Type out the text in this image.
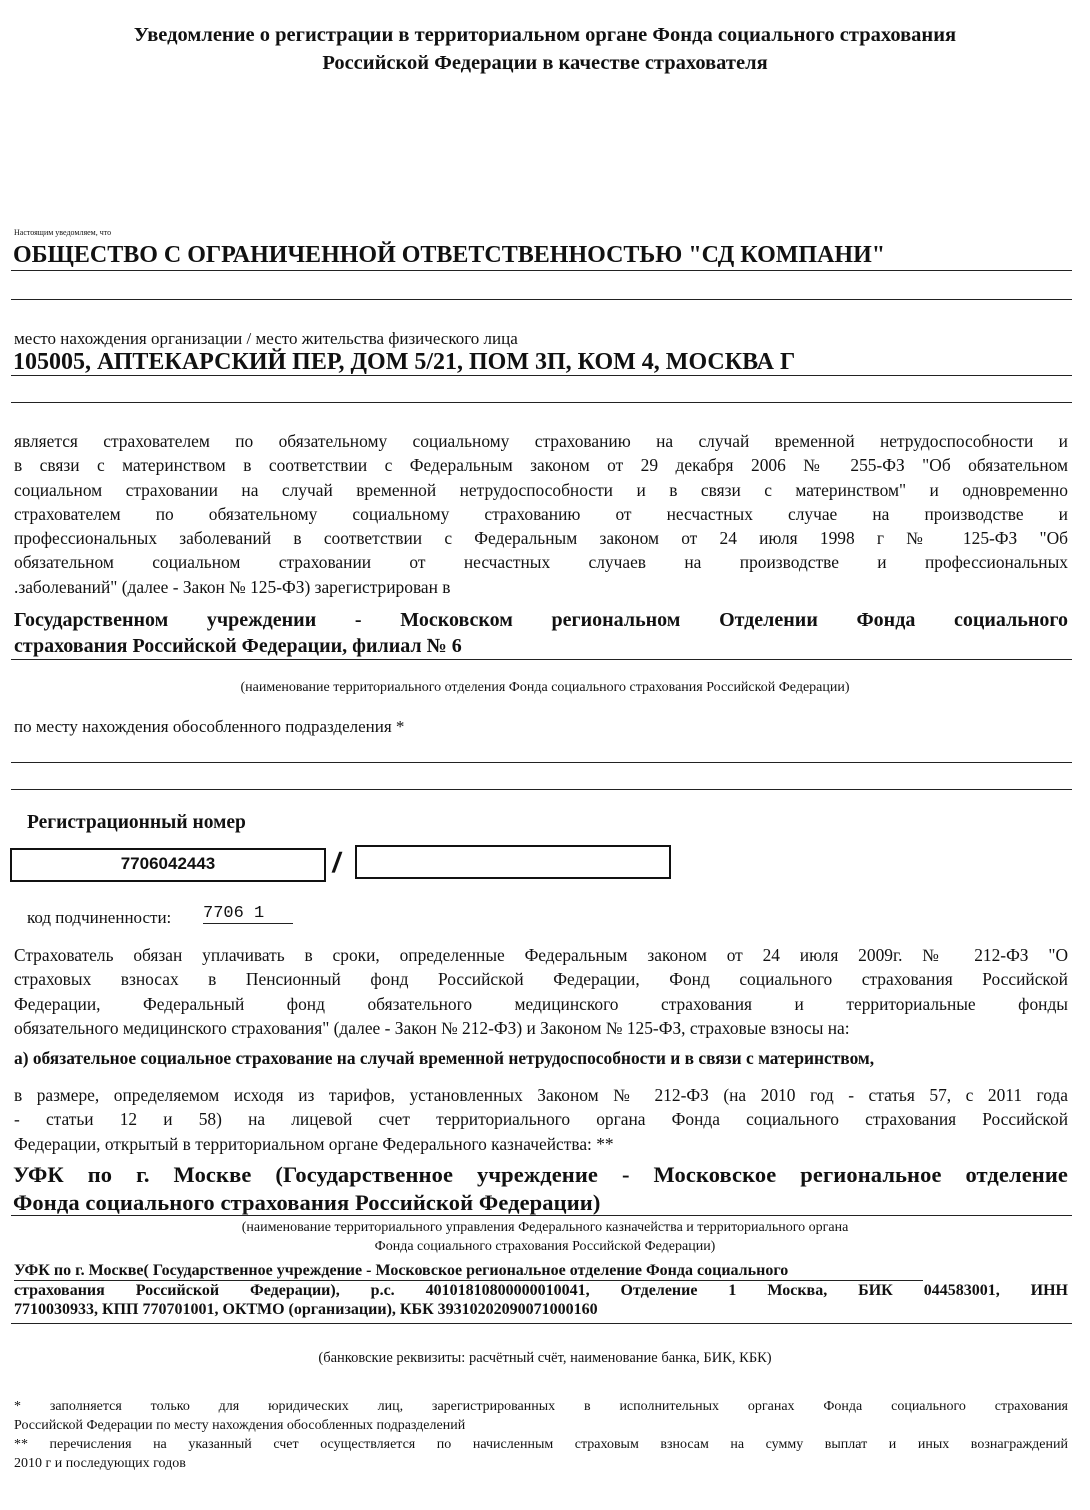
Уведомление о регистрации в территориальном органе Фонда социального страхования
Российской Федерации в качестве страхователя
Настоящим уведомляем, что
ОБЩЕСТВО С ОГРАНИЧЕННОЙ ОТВЕТСТВЕННОСТЬЮ "СД КОМПАНИ"
место нахождения организации / место жительства физического лица
105005, АПТЕКАРСКИЙ ПЕР, ДОМ 5/21, ПОМ 3П, КОМ 4, МОСКВА Г
является страхователем по обязательному социальному страхованию на случай временной нетрудоспособности и
в связи с материнством в соответствии с Федеральным законом от 29 декабря 2006 № 255-ФЗ "Об обязательном
социальном страховании на случай временной нетрудоспособности и в связи с материнством" и одновременно
страхователем по обязательному социальному страхованию от несчастных случае на производстве и
профессиональных заболеваний в соответствии с Федеральным законом от 24 июля 1998 г № 125-ФЗ "Об
обязательном социальном страховании от несчастных случаев на производстве и профессиональных
.заболеваний" (далее - Закон № 125-ФЗ) зарегистрирован в
Государственном учреждении - Московском региональном Отделении Фонда социального
страхования Российской Федерации, филиал № 6
(наименование территориального отделения Фонда социального страхования Российской Федерации)
по месту нахождения обособленного подразделения *
Регистрационный номер
7706042443	/
код подчиненности: 7706 1
Страхователь обязан уплачивать в сроки, определенные Федеральным законом от 24 июля 2009г. № 212-ФЗ "О
страховых взносах в Пенсионный фонд Российской Федерации, Фонд социального страхования Российской
Федерации, Федеральный фонд обязательного медицинского страхования и территориальные фонды
обязательного медицинского страхования" (далее - Закон № 212-ФЗ) и Законом № 125-ФЗ, страховые взносы на:
а) обязательное социальное страхование на случай временной нетрудоспособности и в связи с материнством,
в размере, определяемом исходя из тарифов, установленных Законом № 212-ФЗ (на 2010 год - статья 57, с 2011 года
- статьи 12 и 58) на лицевой счет территориального органа Фонда социального страхования Российской
Федерации, открытый в территориальном органе Федерального казначейства: **
УФК по г. Москве (Государственное учреждение - Московское региональное отделение
Фонда социального страхования Российской Федерации)
(наименование территориального управления Федерального казначейства и территориального органа
Фонда социального страхования Российской Федерации)
УФК по г. Москве( Государственное учреждение - Московское региональное отделение Фонда социального
страхования Российской Федерации), р.с. 40101810800000010041, Отделение 1 Москва, БИК 044583001, ИНН
7710030933, КПП 770701001, ОКТМО (организации), КБК 39310202090071000160
(банковские реквизиты: расчётный счёт, наименование банка, БИК, КБК)
* заполняется только для юридических лиц, зарегистрированных в исполнительных органах Фонда социального страхования
Российской Федерации по месту нахождения обособленных подразделений
** перечисления на указанный счет осуществляется по начисленным страховым взносам на сумму выплат и иных вознаграждений
2010 г и последующих годов
